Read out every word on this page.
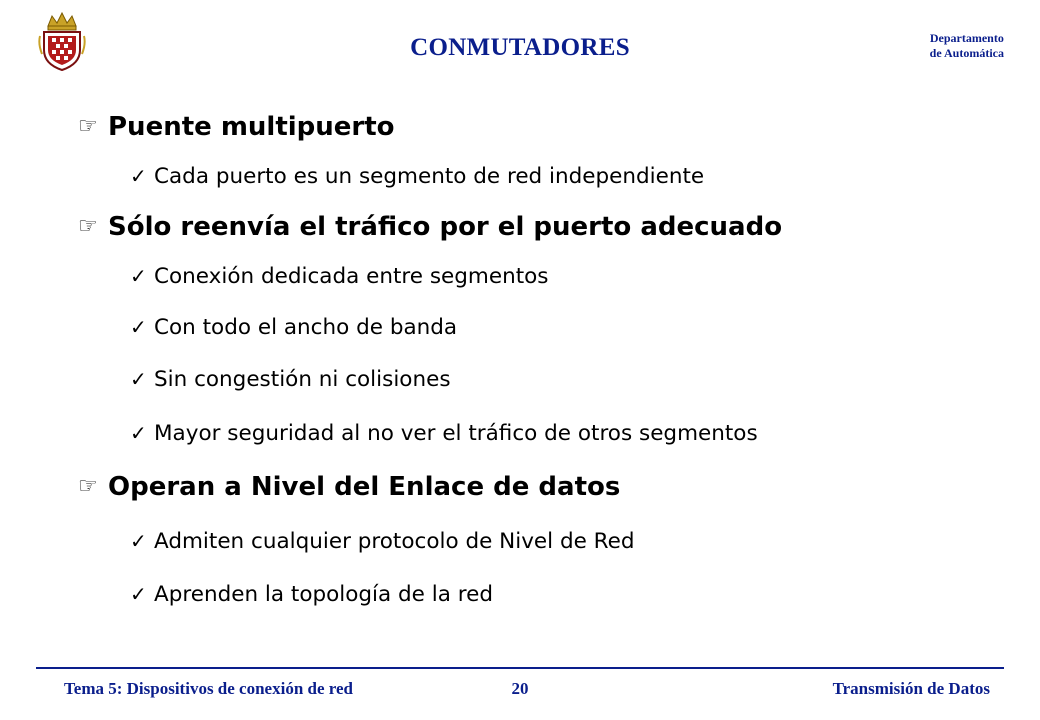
CONMUTADORES	Departamento
de Automática
☞ Puente multipuerto
✓ Cada puerto es un segmento de red independiente
☞ Sólo reenvía el tráfico por el puerto adecuado
✓ Conexión dedicada entre segmentos
✓ Con todo el ancho de banda
✓ Sin congestión ni colisiones
✓ Mayor seguridad al no ver el tráfico de otros segmentos
☞ Operan a Nivel del Enlace de datos
✓ Admiten cualquier protocolo de Nivel de Red
✓ Aprenden la topología de la red
Tema 5: Dispositivos de conexión de red	20	Transmisión de Datos
